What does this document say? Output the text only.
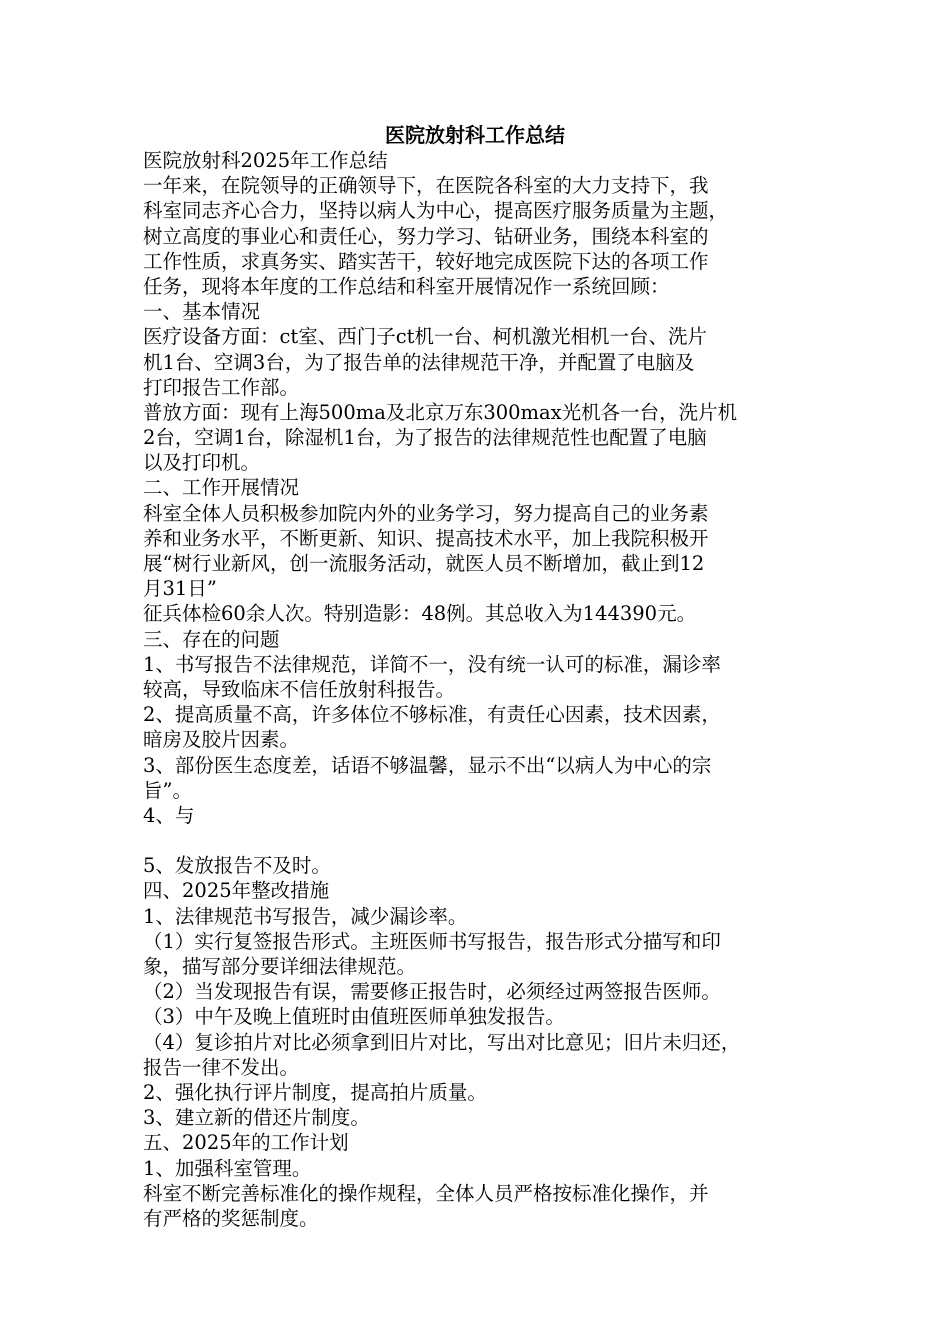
医院放射科工作总结
医院放射科2025年工作总结
一年来，在院领导的正确领导下，在医院各科室的大力支持下，我
科室同志齐心合力，坚持以病人为中心，提高医疗服务质量为主题，
树立高度的事业心和责任心，努力学习、钻研业务，围绕本科室的
工作性质，求真务实、踏实苦干，较好地完成医院下达的各项工作
任务，现将本年度的工作总结和科室开展情况作一系统回顾：
一、基本情况
医疗设备方面：ct室、西门子ct机一台、柯机激光相机一台、洗片
机1台、空调3台，为了报告单的法律规范干净，并配置了电脑及
打印报告工作部。
普放方面：现有上海500ma及北京万东300max光机各一台，洗片机
2台，空调1台，除湿机1台，为了报告的法律规范性也配置了电脑
以及打印机。
二、工作开展情况
科室全体人员积极参加院内外的业务学习，努力提高自己的业务素
养和业务水平，不断更新、知识、提高技术水平，加上我院积极开
展“树行业新风，创一流服务活动，就医人员不断增加，截止到12
月31日”
征兵体检60余人次。特别造影：48例。其总收入为144390元。
三、存在的问题
1、书写报告不法律规范，详简不一，没有统一认可的标准，漏诊率
较高，导致临床不信任放射科报告。
2、提高质量不高，许多体位不够标准，有责任心因素，技术因素，
暗房及胶片因素。
3、部份医生态度差，话语不够温馨，显示不出“以病人为中心的宗
旨”。
4、与
5、发放报告不及时。
四、2025年整改措施
1、法律规范书写报告，减少漏诊率。
（1）实行复签报告形式。主班医师书写报告，报告形式分描写和印
象，描写部分要详细法律规范。
（2）当发现报告有误，需要修正报告时，必须经过两签报告医师。
（3）中午及晚上值班时由值班医师单独发报告。
（4）复诊拍片对比必须拿到旧片对比，写出对比意见；旧片未归还，
报告一律不发出。
2、强化执行评片制度，提高拍片质量。
3、建立新的借还片制度。
五、2025年的工作计划
1、加强科室管理。
科室不断完善标准化的操作规程，全体人员严格按标准化操作，并
有严格的奖惩制度。
